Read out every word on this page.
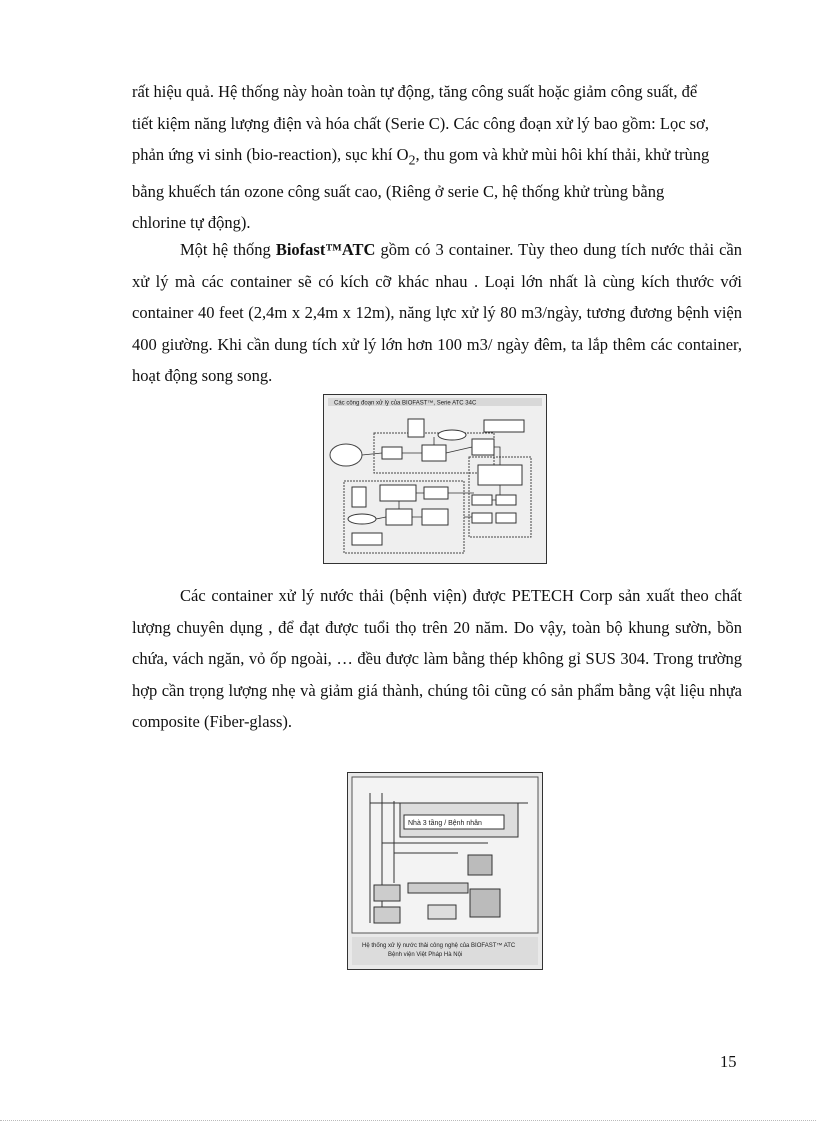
rất hiệu quả. Hệ thống này hoàn toàn tự động, tăng công suất hoặc giảm công suất, để
tiết kiệm năng lượng điện và hóa chất (Serie C). Các công đoạn xử lý bao gồm: Lọc sơ,
phản ứng vi sinh (bio-reaction), sục khí $O_2$, thu gom và khử mùi hôi khí thải, khử trùng
bằng khuếch tán ozone công suất cao, (Riêng ở serie C, hệ thống khử trùng bằng
chlorine tự động).

Một hệ thống Biofast™ATC gồm có 3 container. Tùy theo dung tích nước thải cần xử lý mà các container sẽ có kích cỡ khác nhau . Loại lớn nhất là cùng kích thước với container 40 feet (2,4m x 2,4m x 12m), năng lực xử lý 80 m3/ngày, tương đương bệnh viện 400 giường. Khi cần dung tích xử lý lớn hơn 100 m3/ ngày đêm, ta lắp thêm các container, hoạt động song song.

Các công đoạn xử lý của BIOFAST™, Serie ATC 34C

Các container xử lý nước thải (bệnh viện) được PETECH Corp sản xuất theo chất lượng chuyên dụng , để đạt được tuổi thọ trên 20 năm. Do vậy, toàn bộ khung sườn, bồn chứa, vách ngăn, vỏ ốp ngoài, … đều được làm bằng thép không gỉ SUS 304. Trong trường hợp cần trọng lượng nhẹ và giảm giá thành, chúng tôi cũng có sản phẩm bằng vật liệu nhựa composite (Fiber-glass).

Nhà 3 tầng / Bệnh nhân
Hệ thống xử lý nước thải công nghệ của BIOFAST™ ATC
Bệnh viện Việt Pháp Hà Nội
15
